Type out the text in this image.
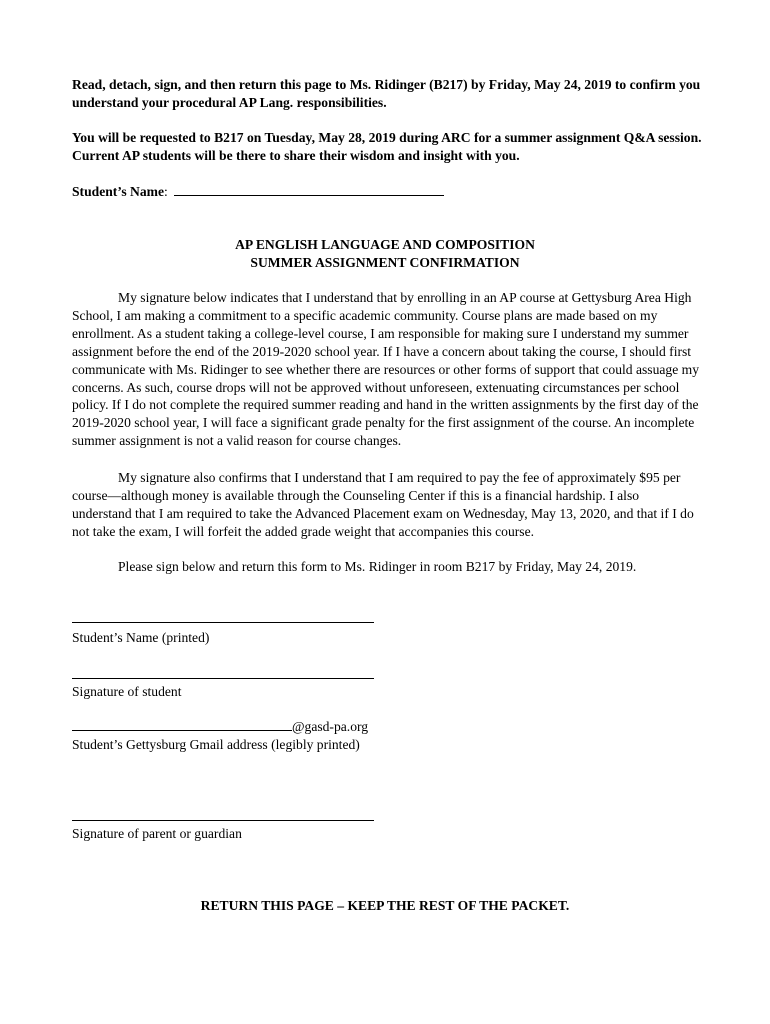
Read, detach, sign, and then return this page to Ms. Ridinger (B217) by Friday, May 24, 2019 to confirm you understand your procedural AP Lang. responsibilities.

You will be requested to B217 on Tuesday, May 28, 2019 during ARC for a summer assignment Q&A session. Current AP students will be there to share their wisdom and insight with you.

Student’s Name:

AP ENGLISH LANGUAGE AND COMPOSITION

SUMMER ASSIGNMENT CONFIRMATION

My signature below indicates that I understand that by enrolling in an AP course at Gettysburg Area High School, I am making a commitment to a specific academic community. Course plans are made based on my enrollment. As a student taking a college-level course, I am responsible for making sure I understand my summer assignment before the end of the 2019-2020 school year. If I have a concern about taking the course, I should first communicate with Ms. Ridinger to see whether there are resources or other forms of support that could assuage my concerns. As such, course drops will not be approved without unforeseen, extenuating circumstances per school policy. If I do not complete the required summer reading and hand in the written assignments by the first day of the 2019-2020 school year, I will face a significant grade penalty for the first assignment of the course. An incomplete summer assignment is not a valid reason for course changes.

My signature also confirms that I understand that I am required to pay the fee of approximately $95 per course—although money is available through the Counseling Center if this is a financial hardship. I also understand that I am required to take the Advanced Placement exam on Wednesday, May 13, 2020, and that if I do not take the exam, I will forfeit the added grade weight that accompanies this course.

Please sign below and return this form to Ms. Ridinger in room B217 by Friday, May 24, 2019.

Student’s Name (printed)
Signature of student
@gasd-pa.org
Student’s Gettysburg Gmail address (legibly printed)
Signature of parent or guardian
RETURN THIS PAGE – KEEP THE REST OF THE PACKET.
